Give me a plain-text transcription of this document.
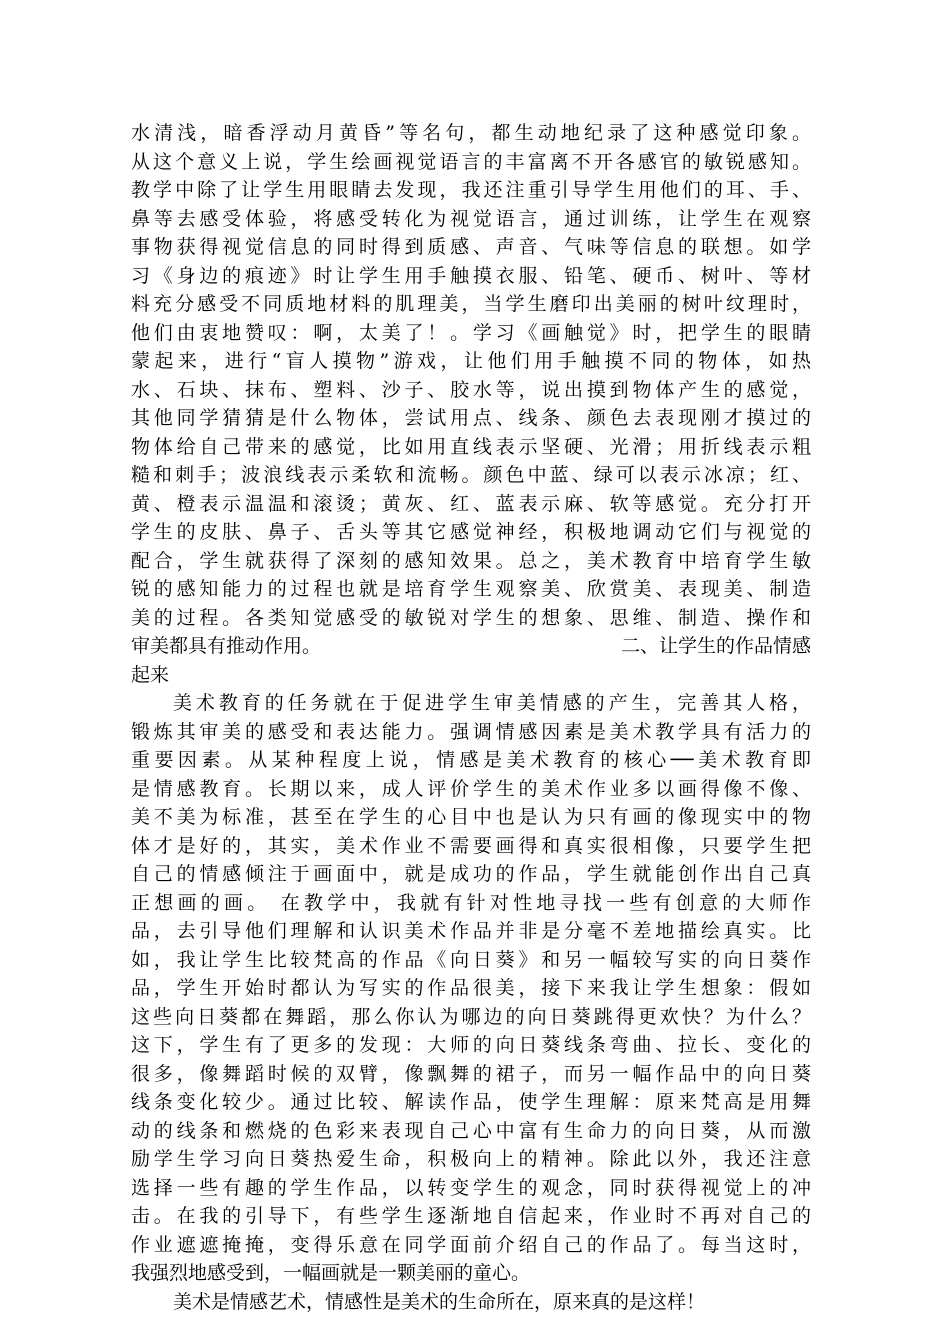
水清浅，暗香浮动月黄昏”等名句，都生动地纪录了这种感觉印象。
从这个意义上说，学生绘画视觉语言的丰富离不开各感官的敏锐感知。
教学中除了让学生用眼睛去发现，我还注重引导学生用他们的耳、手、
鼻等去感受体验，将感受转化为视觉语言，通过训练，让学生在观察
事物获得视觉信息的同时得到质感、声音、气味等信息的联想。如学
习《身边的痕迹》时让学生用手触摸衣服、铅笔、硬币、树叶、等材
料充分感受不同质地材料的肌理美，当学生磨印出美丽的树叶纹理时，
他们由衷地赞叹：啊，太美了！。学习《画触觉》时，把学生的眼睛
蒙起来，进行“盲人摸物”游戏，让他们用手触摸不同的物体，如热
水、石块、抹布、塑料、沙子、胶水等，说出摸到物体产生的感觉，
其他同学猜猜是什么物体，尝试用点、线条、颜色去表现刚才摸过的
物体给自己带来的感觉，比如用直线表示坚硬、光滑；用折线表示粗
糙和刺手；波浪线表示柔软和流畅。颜色中蓝、绿可以表示冰凉；红、
黄、橙表示温温和滚烫；黄灰、红、蓝表示麻、软等感觉。充分打开
学生的皮肤、鼻子、舌头等其它感觉神经，积极地调动它们与视觉的
配合，学生就获得了深刻的感知效果。总之，美术教育中培育学生敏
锐的感知能力的过程也就是培育学生观察美、欣赏美、表现美、制造
美的过程。各类知觉感受的敏锐对学生的想象、思维、制造、操作和
审美都具有推动作用。	二、让学生的作品情感
起来
美术教育的任务就在于促进学生审美情感的产生，完善其人格，
锻炼其审美的感受和表达能力。强调情感因素是美术教学具有活力的
重要因素。从某种程度上说，情感是美术教育的核心──美术教育即
是情感教育。长期以来，成人评价学生的美术作业多以画得像不像、
美不美为标准，甚至在学生的心目中也是认为只有画的像现实中的物
体才是好的，其实，美术作业不需要画得和真实很相像，只要学生把
自己的情感倾注于画面中，就是成功的作品，学生就能创作出自己真
正想画的画。 在教学中，我就有针对性地寻找一些有创意的大师作
品，去引导他们理解和认识美术作品并非是分毫不差地描绘真实。比
如，我让学生比较梵高的作品《向日葵》和另一幅较写实的向日葵作
品，学生开始时都认为写实的作品很美，接下来我让学生想象：假如
这些向日葵都在舞蹈，那么你认为哪边的向日葵跳得更欢快？为什么？
这下，学生有了更多的发现：大师的向日葵线条弯曲、拉长、变化的
很多，像舞蹈时候的双臂，像飘舞的裙子，而另一幅作品中的向日葵
线条变化较少。通过比较、解读作品，使学生理解：原来梵高是用舞
动的线条和燃烧的色彩来表现自己心中富有生命力的向日葵，从而激
励学生学习向日葵热爱生命，积极向上的精神。除此以外，我还注意
选择一些有趣的学生作品，以转变学生的观念，同时获得视觉上的冲
击。在我的引导下，有些学生逐渐地自信起来，作业时不再对自己的
作业遮遮掩掩，变得乐意在同学面前介绍自己的作品了。每当这时，
我强烈地感受到，一幅画就是一颗美丽的童心。
美术是情感艺术，情感性是美术的生命所在，原来真的是这样！
